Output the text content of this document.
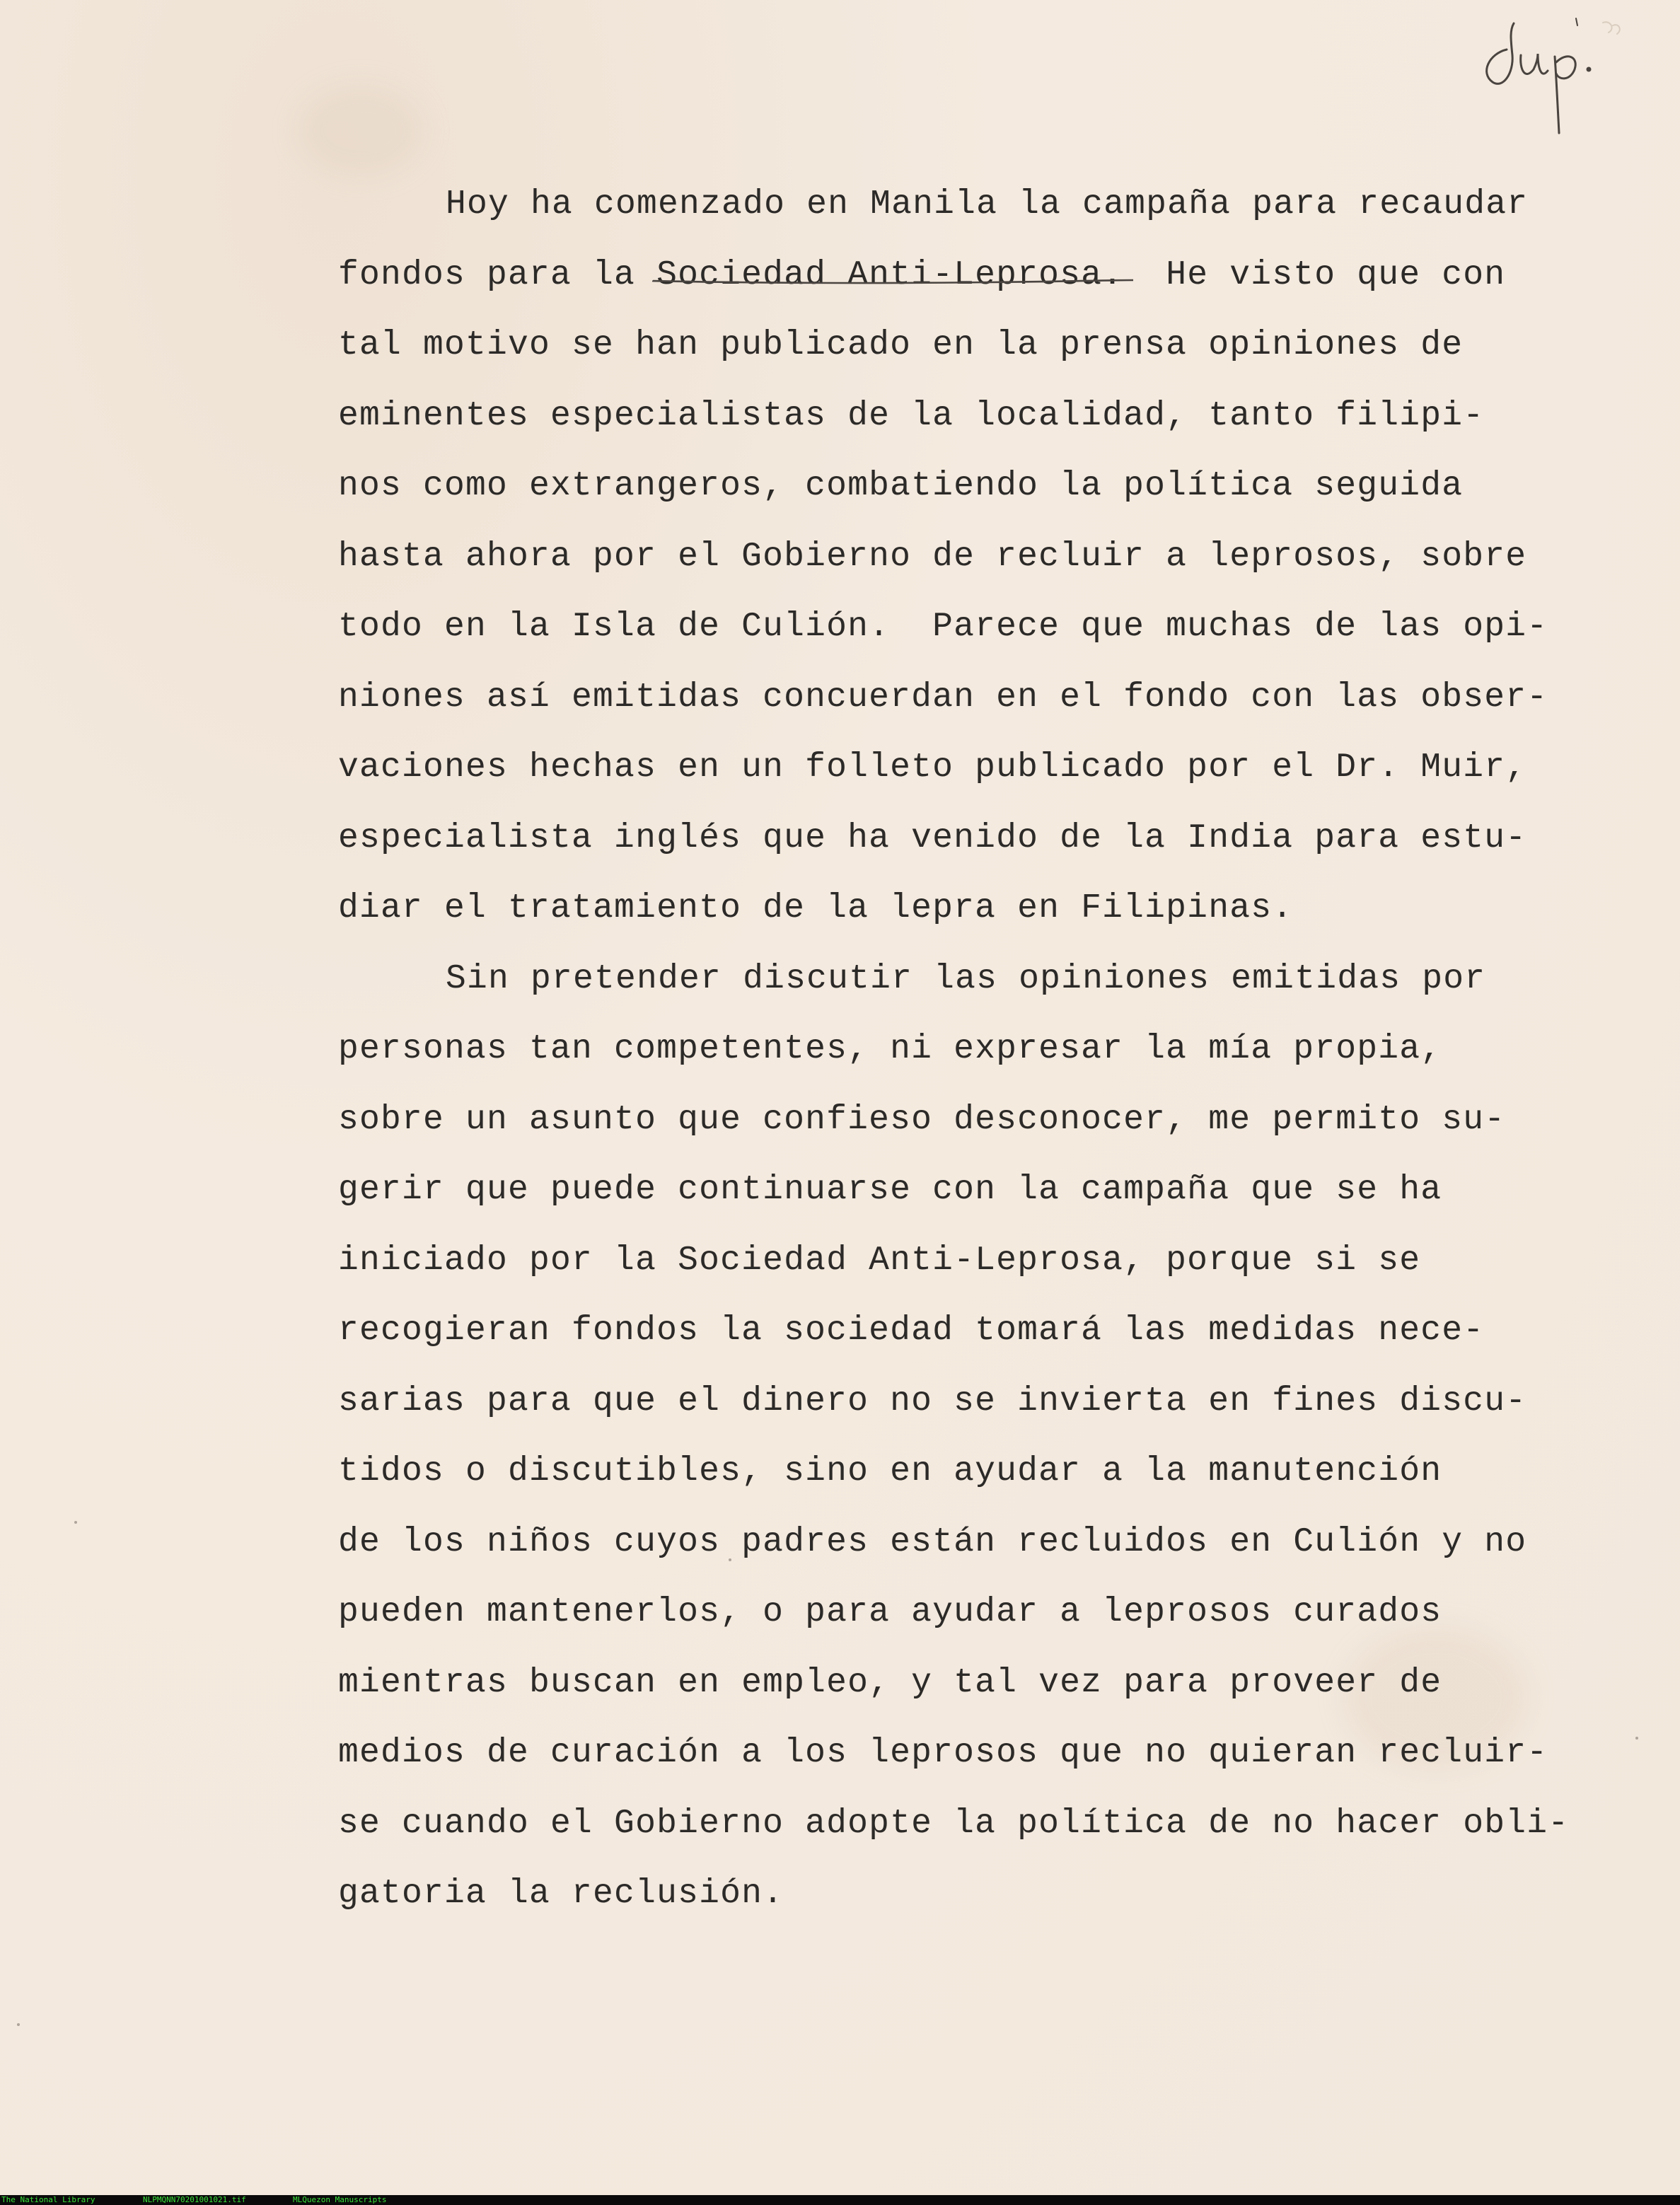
Hoy ha comenzado en Manila la campaña para recaudar
fondos para la Sociedad Anti-Leprosa.
He visto que con
tal motivo se han publicado en la prensa opiniones de
eminentes especialistas de la localidad, tanto filipi-
nos como extrangeros, combatiendo la política seguida
hasta ahora por el Gobierno de recluir a leprosos, sobre
todo en la Isla de Culión.  Parece que muchas de las opi-
niones así emitidas concuerdan en el fondo con las obser-
vaciones hechas en un folleto publicado por el Dr. Muir,
especialista inglés que ha venido de la India para estu-
diar el tratamiento de la lepra en Filipinas.
Sin pretender discutir las opiniones emitidas por
personas tan competentes, ni expresar la mía propia,
sobre un asunto que confieso desconocer, me permito su-
gerir que puede continuarse con la campaña que se ha
iniciado por la Sociedad Anti-Leprosa, porque si se
recogieran fondos la sociedad tomará las medidas nece-
sarias para que el dinero no se invierta en fines discu-
tidos o discutibles, sino en ayudar a la manutención
de los niños cuyos padres están recluidos en Culión y no
pueden mantenerlos, o para ayudar a leprosos curados
mientras buscan en empleo, y tal vez para proveer de
medios de curación a los leprosos que no quieran recluir-
se cuando el Gobierno adopte la política de no hacer obli-
gatoria la reclusión.
The National Library	NLPMQNN70201001021.tif	MLQuezon Manuscripts
